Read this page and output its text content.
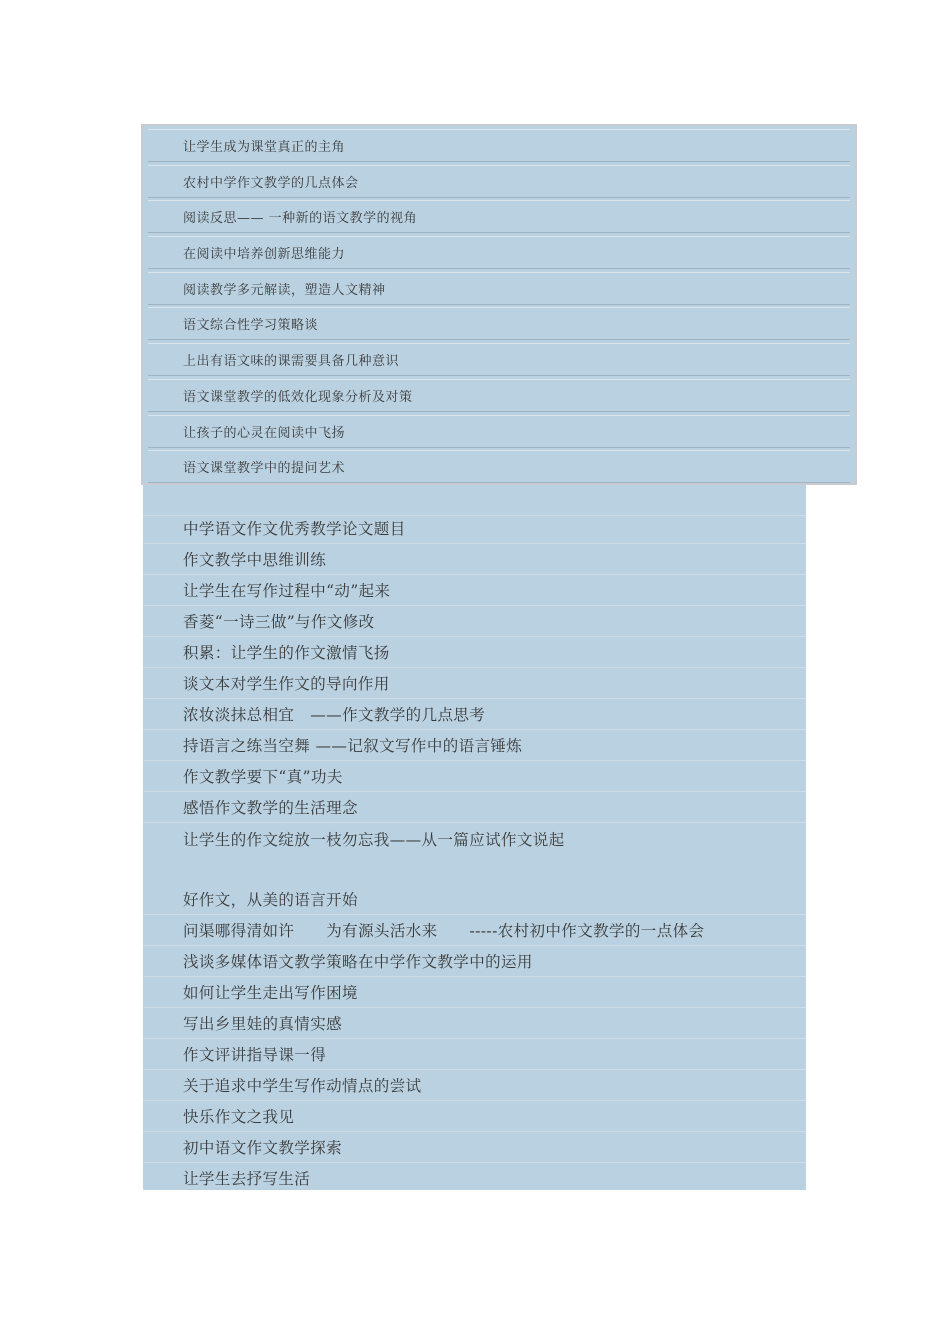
让学生成为课堂真正的主角
农村中学作文教学的几点体会
阅读反思—— 一种新的语文教学的视角
在阅读中培养创新思维能力
阅读教学多元解读，塑造人文精神
语文综合性学习策略谈
上出有语文味的课需要具备几种意识
语文课堂教学的低效化现象分析及对策
让孩子的心灵在阅读中飞扬
语文课堂教学中的提问艺术
中学语文作文优秀教学论文题目
作文教学中思维训练
让学生在写作过程中“动”起来
香菱“一诗三做”与作文修改
积累：让学生的作文激情飞扬
谈文本对学生作文的导向作用
浓妆淡抹总相宜   ——作文教学的几点思考
持语言之练当空舞 ——记叙文写作中的语言锤炼
作文教学要下“真”功夫
感悟作文教学的生活理念
让学生的作文绽放一枝勿忘我——从一篇应试作文说起
好作文，从美的语言开始
问渠哪得清如许      为有源头活水来      -----农村初中作文教学的一点体会
浅谈多媒体语文教学策略在中学作文教学中的运用
如何让学生走出写作困境
写出乡里娃的真情实感
作文评讲指导课一得
关于追求中学生写作动情点的尝试
快乐作文之我见
初中语文作文教学探索
让学生去抒写生活
